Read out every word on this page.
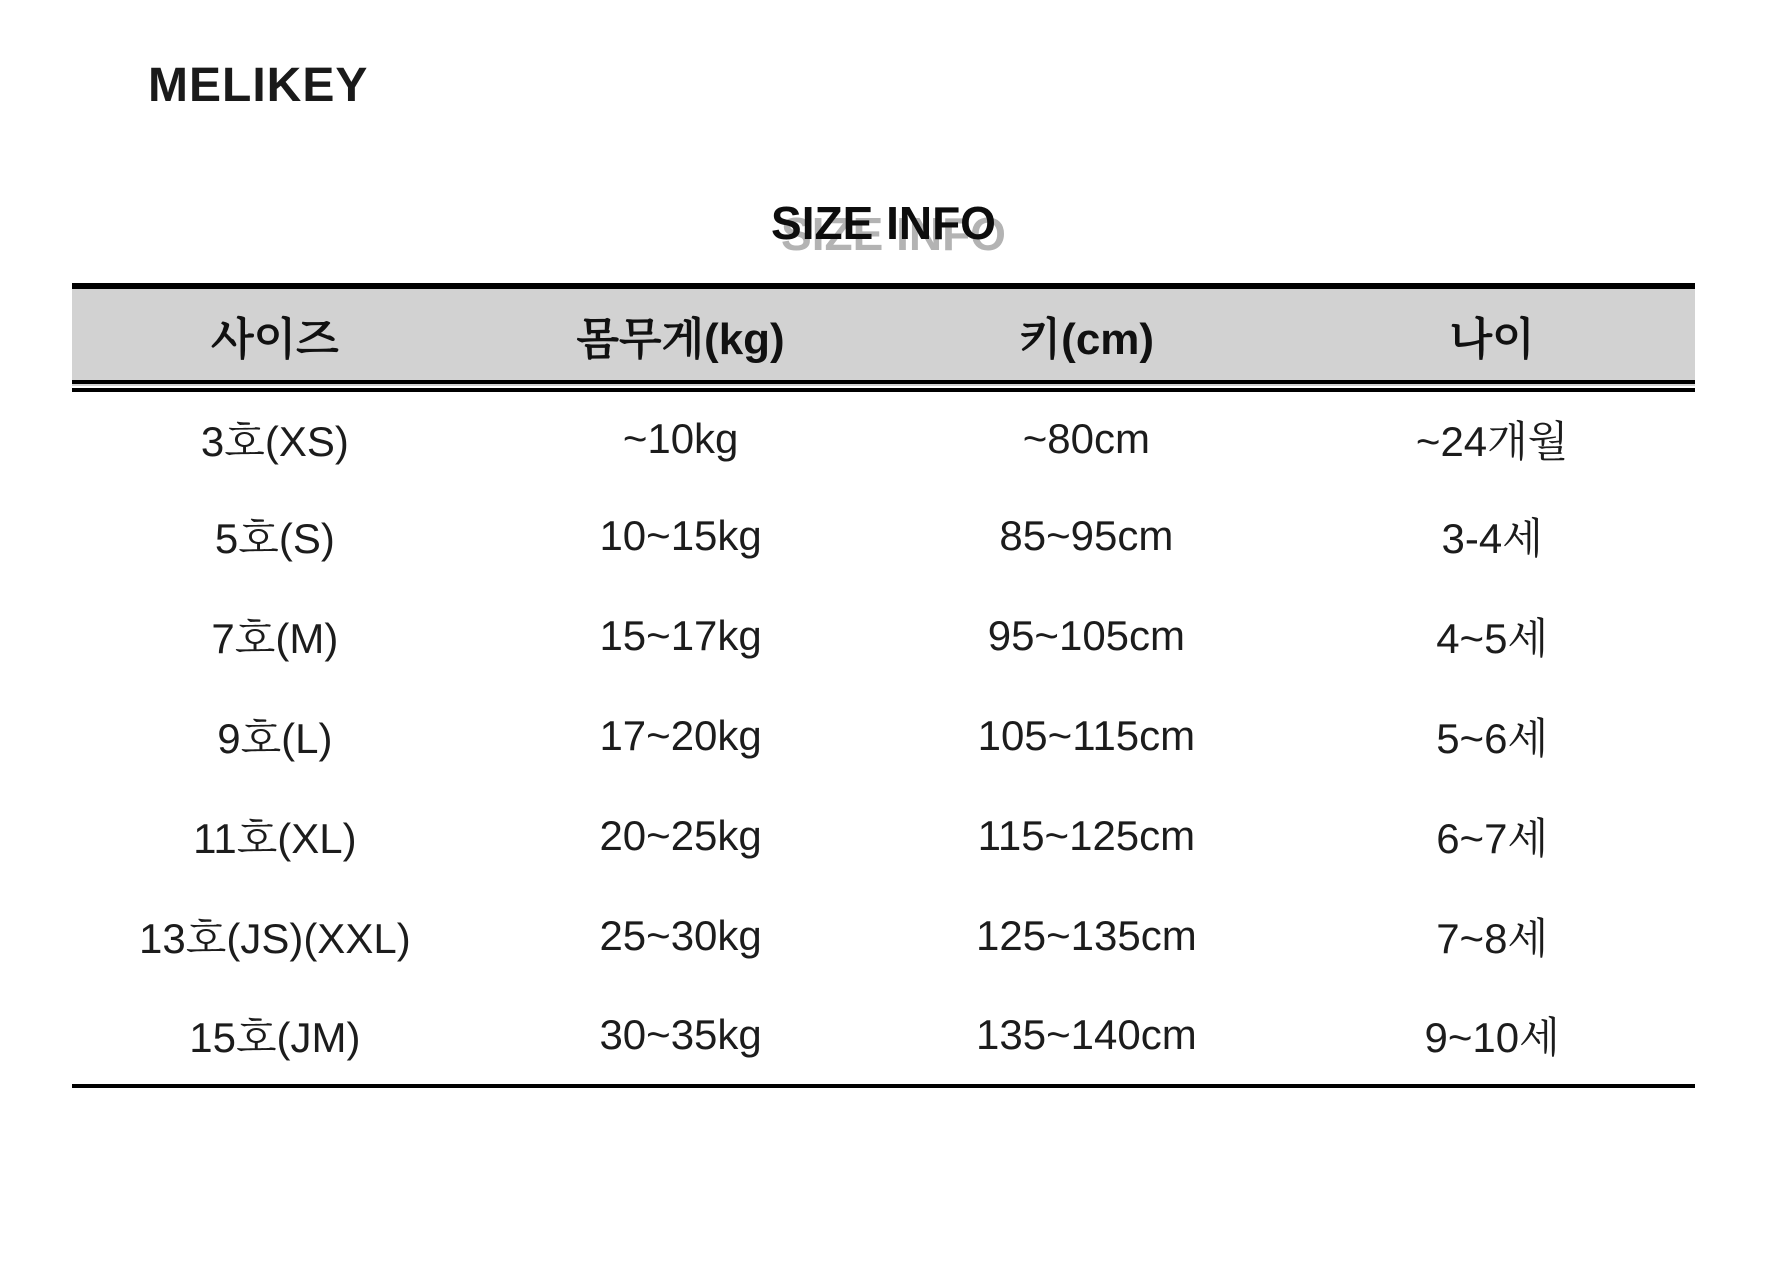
MELIKEY
SIZE INFO
사이즈	몸무게(kg)	키(cm)	나이
3호(XS)	~10kg	~80cm	~24개월
5호(S)	10~15kg	85~95cm	3-4세
7호(M)	15~17kg	95~105cm	4~5세
9호(L)	17~20kg	105~115cm	5~6세
11호(XL)	20~25kg	115~125cm	6~7세
13호(JS)(XXL)	25~30kg	125~135cm	7~8세
15호(JM)	30~35kg	135~140cm	9~10세
